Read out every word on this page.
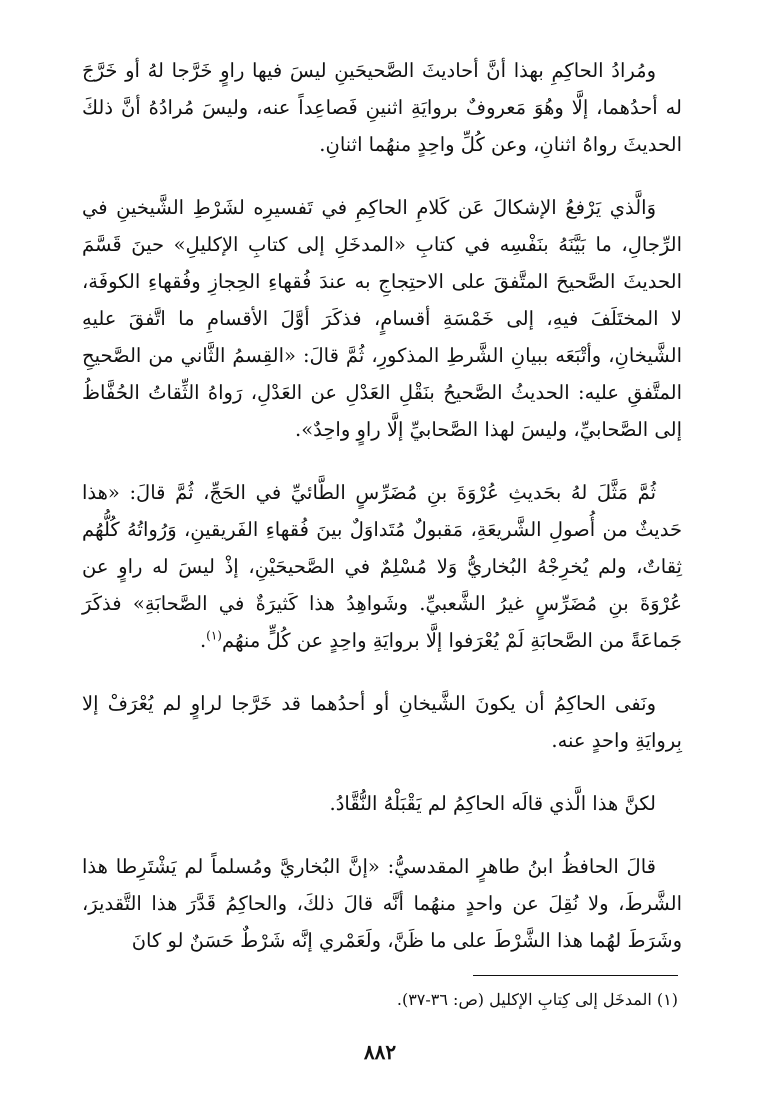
ومُرادُ الحاكِمِ بهذا أنَّ أحاديثَ الصَّحيحَينِ ليسَ فيها راوٍ خَرَّجا لهُ أو خَرَّجَ له أحدُهما، إلَّا وهُوَ مَعروفٌ بروايَةِ اثنينِ فَصاعِداً عنه، وليسَ مُرادُهُ أنَّ ذلكَ الحديثَ رواهُ اثنانِ، وعن كُلِّ واحِدٍ منهُما اثنانِ.

وَالَّذي يَرْفعُ الإشكالَ عَن كَلامِ الحاكِمِ في تَفسيرِه لشَرْطِ الشَّيخينِ في الرِّجالِ، ما بَيَّنَهُ بنَفْسِه في كتابِ «المدخَلِ إلى كتابِ الإكليلِ» حينَ قَسَّمَ الحديثَ الصَّحيحَ المتَّفقَ على الاحتِجاجِ به عندَ فُقهاءِ الحِجازِ وفُقهاءِ الكوفَة، لا المختَلَفَ فيهِ، إلى خَمْسَةِ أقسامٍ، فذكَرَ أوَّلَ الأقسامِ ما اتَّفقَ عليهِ الشَّيخانِ، وأتْبَعَه ببيانِ الشَّرطِ المذكورِ، ثُمَّ قالَ: «القِسمُ الثَّاني من الصَّحيحِ المتَّفقِ عليه: الحديثُ الصَّحيحُ بنَقْلِ العَدْلِ عن العَدْلِ، رَواهُ الثِّقاتُ الحُفَّاظُ إلى الصَّحابيِّ، وليسَ لهذا الصَّحابيِّ إلَّا راوٍ واحِدٌ».

ثُمَّ مَثَّلَ لهُ بحَديثِ عُرْوَةَ بنِ مُضَرِّسٍ الطَّائيِّ في الحَجِّ، ثُمَّ قالَ: «هذا حَديثٌ من أُصولِ الشَّريعَةِ، مَقبولٌ مُتَداوَلٌ بينَ فُقهاءِ الفَريقينِ، وَرُواتُهُ كُلُّهُم ثِقاتٌ، ولم يُخرِجْهُ البُخاريُّ وَلا مُسْلِمٌ في الصَّحيحَيْنِ، إذْ ليسَ له راوٍ عن عُرْوَةَ بنِ مُضَرِّسٍ غيرُ الشَّعبيِّ. وشَواهِدُ هذا كَثيرَةٌ في الصَّحابَةِ» فذكَرَ جَماعَةً من الصَّحابَةِ لَمْ يُعْرَفوا إلَّا بروايَةِ واحِدٍ عن كُلٍّ منهُم$^{(١)}$.

ونَفى الحاكِمُ أن يكونَ الشَّيخانِ أو أحدُهما قد خَرَّجا لراوٍ لم يُعْرَفْ إلا بِروايَةِ واحدٍ عنه.

لكنَّ هذا الَّذي قالَه الحاكِمُ لم يَقْبَلْهُ النُّقَّادُ.

قالَ الحافظُ ابنُ طاهرٍ المقدسيُّ: «إنَّ البُخاريَّ ومُسلماً لم يَشْتَرِطا هذا الشَّرطَ، ولا نُقِلَ عن واحدٍ منهُما أنَّه قالَ ذلكَ، والحاكِمُ قَدَّرَ هذا التَّقديرَ، وشَرَطَ لهُما هذا الشَّرْطَ على ما ظَنَّ، ولَعَمْري إنَّه شَرْطٌ حَسَنٌ لو كانَ

(١) المدخَل إلى كِتابِ الإكليل (ص: ٣٦-٣٧).
٨٨٢
